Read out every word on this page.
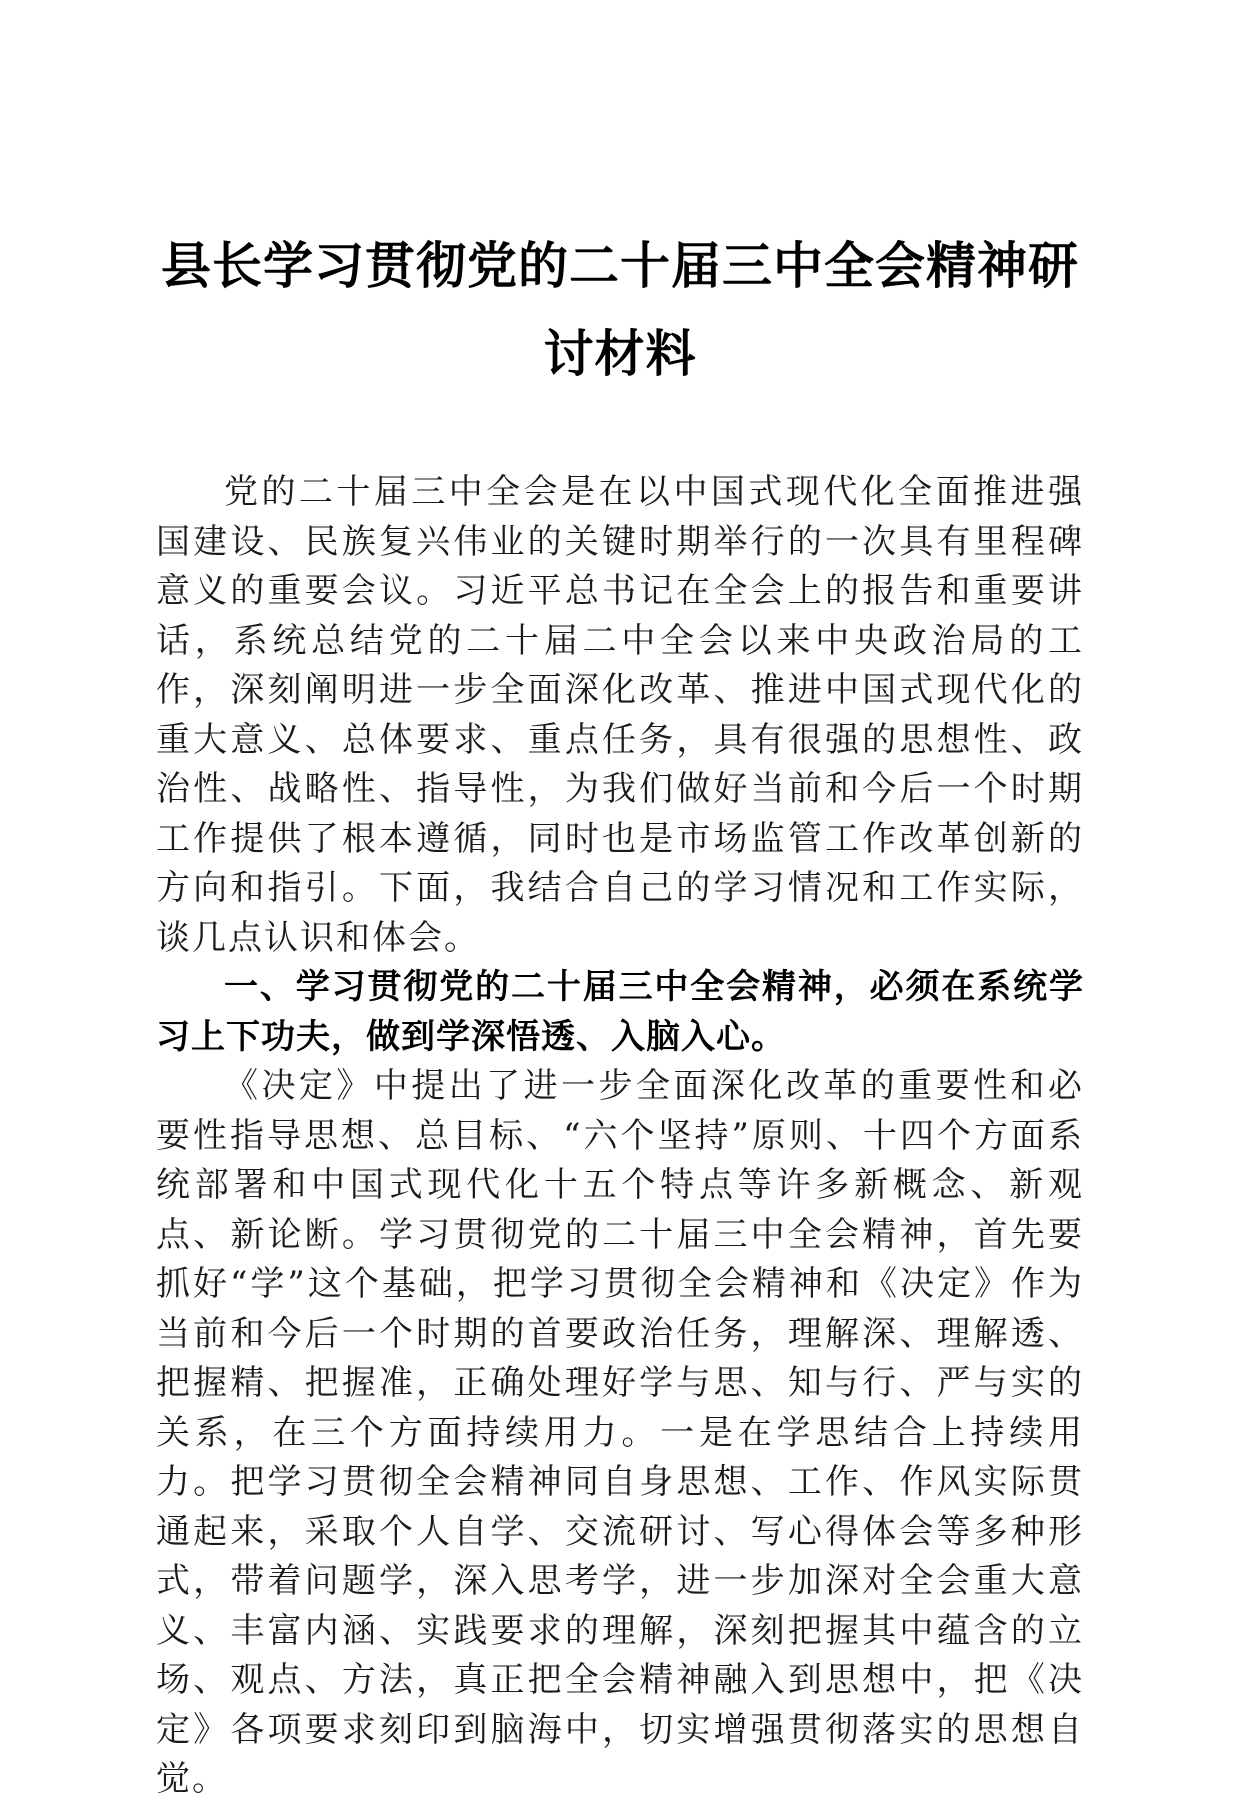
县长学习贯彻党的二十届三中全会精神研讨材料

党的二十届三中全会是在以中国式现代化全面推进强国建设、民族复兴伟业的关键时期举行的一次具有里程碑意义的重要会议。习近平总书记在全会上的报告和重要讲话，系统总结党的二十届二中全会以来中央政治局的工作，深刻阐明进一步全面深化改革、推进中国式现代化的重大意义、总体要求、重点任务，具有很强的思想性、政治性、战略性、指导性，为我们做好当前和今后一个时期工作提供了根本遵循，同时也是市场监管工作改革创新的方向和指引。下面，我结合自己的学习情况和工作实际，谈几点认识和体会。

一、学习贯彻党的二十届三中全会精神，必须在系统学习上下功夫，做到学深悟透、入脑入心。

《决定》中提出了进一步全面深化改革的重要性和必要性指导思想、总目标、“六个坚持”原则、十四个方面系统部署和中国式现代化十五个特点等许多新概念、新观点、新论断。学习贯彻党的二十届三中全会精神，首先要抓好“学”这个基础，把学习贯彻全会精神和《决定》作为当前和今后一个时期的首要政治任务，理解深、理解透、把握精、把握准，正确处理好学与思、知与行、严与实的关系，在三个方面持续用力。一是在学思结合上持续用力。把学习贯彻全会精神同自身思想、工作、作风实际贯通起来，采取个人自学、交流研讨、写心得体会等多种形式，带着问题学，深入思考学，进一步加深对全会重大意义、丰富内涵、实践要求的理解，深刻把握其中蕴含的立场、观点、方法，真正把全会精神融入到思想中，把《决定》各项要求刻印到脑海中，切实增强贯彻落实的思想自觉。
